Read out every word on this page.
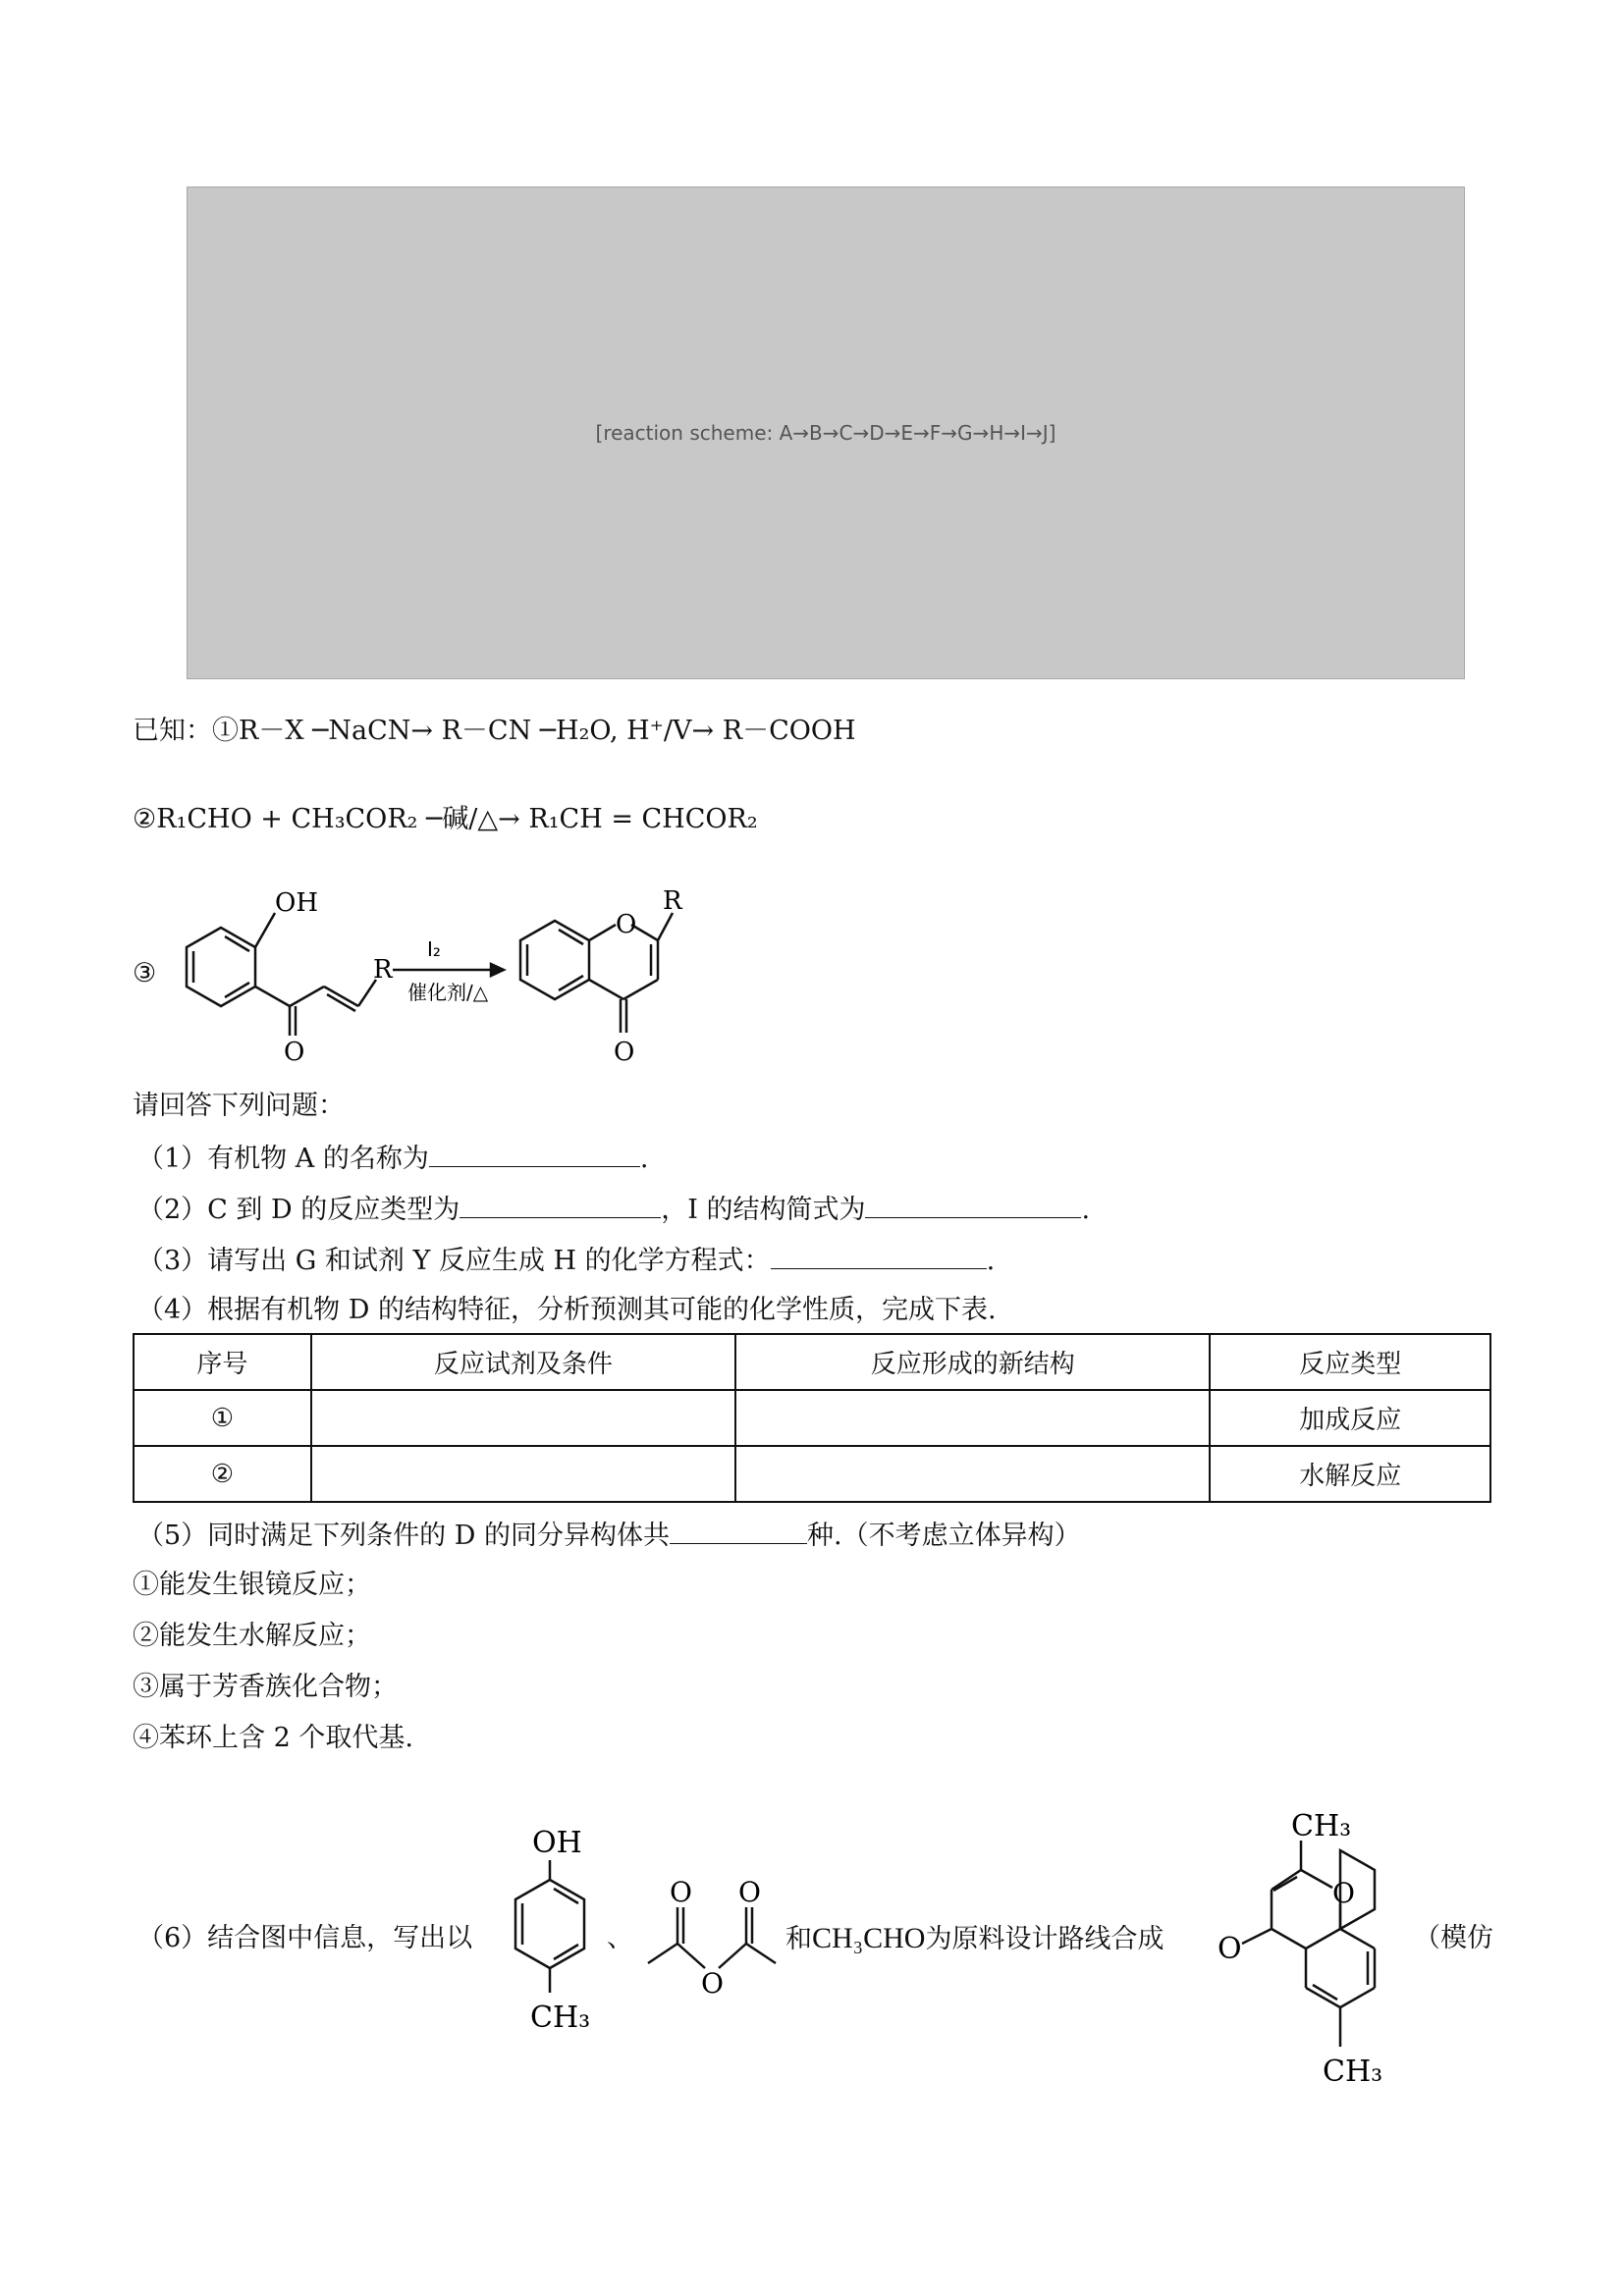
[reaction scheme: A→B→C→D→E→F→G→H→I→J]
已知：①R－X ─NaCN→ R－CN ─H₂O, H⁺/V→ R－COOH
②R₁CHO + CH₃COR₂ ─碱/△→ R₁CH = CHCOR₂
③
OH
R
O
I₂
催化剂/△
O
R
O
请回答下列问题：
（1）有机物 A 的名称为	.
（2）C 到 D 的反应类型为	，I 的结构简式为	.
（3）请写出 G 和试剂 Y 反应生成 H 的化学方程式：	.
（4）根据有机物 D 的结构特征，分析预测其可能的化学性质，完成下表.
序号	反应试剂及条件	反应形成的新结构	反应类型
①			加成反应
②			水解反应
（5）同时满足下列条件的 D 的同分异构体共	种.（不考虑立体异构）
①能发生银镜反应；
②能发生水解反应；
③属于芳香族化合物；
④苯环上含 2 个取代基.
（6）结合图中信息，写出以
OH
CH₃
、
O O
O
和CH₃CHO为原料设计路线合成
CH₃
O
O
CH₃
（模仿
